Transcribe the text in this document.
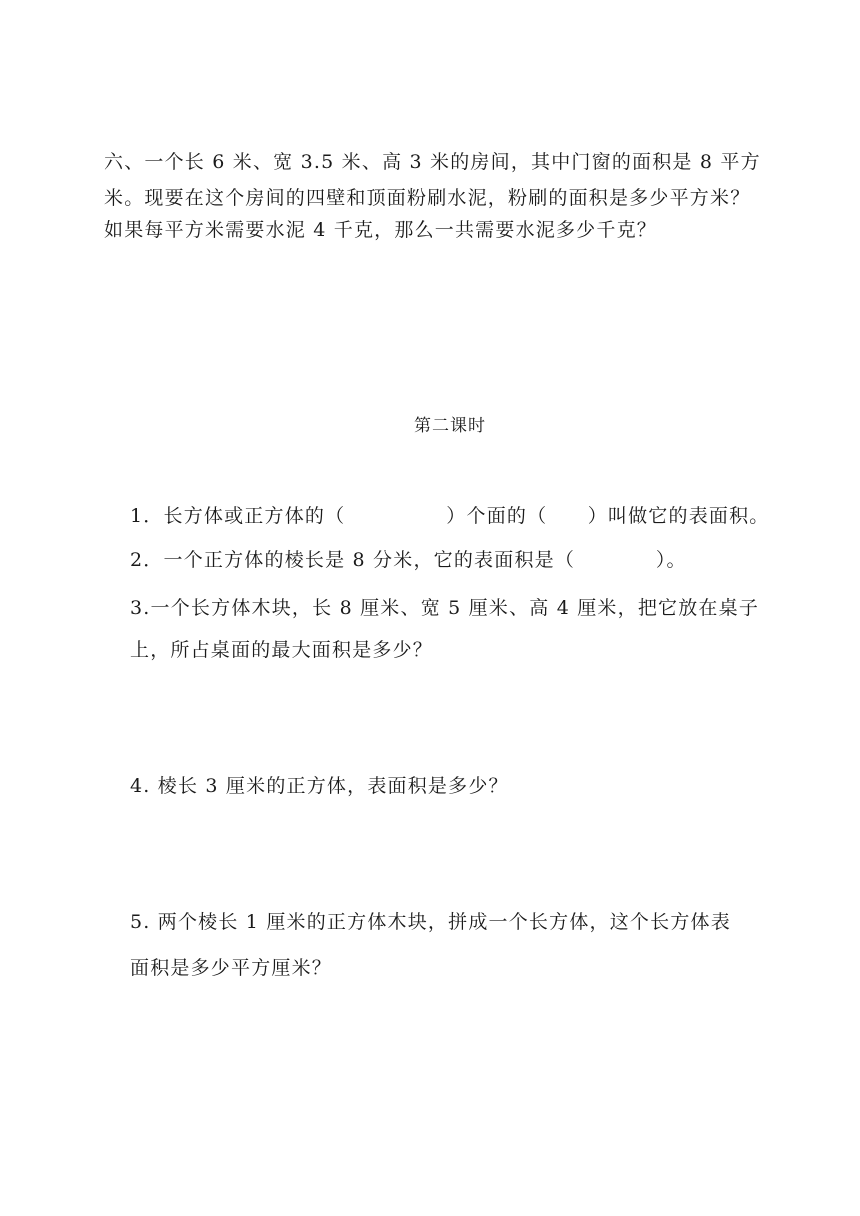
六、一个长 6 米、宽 3.5 米、高 3 米的房间，其中门窗的面积是 8 平方
米。现要在这个房间的四壁和顶面粉刷水泥，粉刷的面积是多少平方米？
如果每平方米需要水泥 4 千克，那么一共需要水泥多少千克？
第二课时
1．长方体或正方体的（　　　　　）个面的（　　）叫做它的表面积。
2．一个正方体的棱长是 8 分米，它的表面积是（　　　　）。
3.一个长方体木块，长 8 厘米、宽 5 厘米、高 4 厘米，把它放在桌子
上，所占桌面的最大面积是多少？
4. 棱长 3 厘米的正方体，表面积是多少？
5. 两个棱长 1 厘米的正方体木块，拼成一个长方体，这个长方体表
面积是多少平方厘米？
